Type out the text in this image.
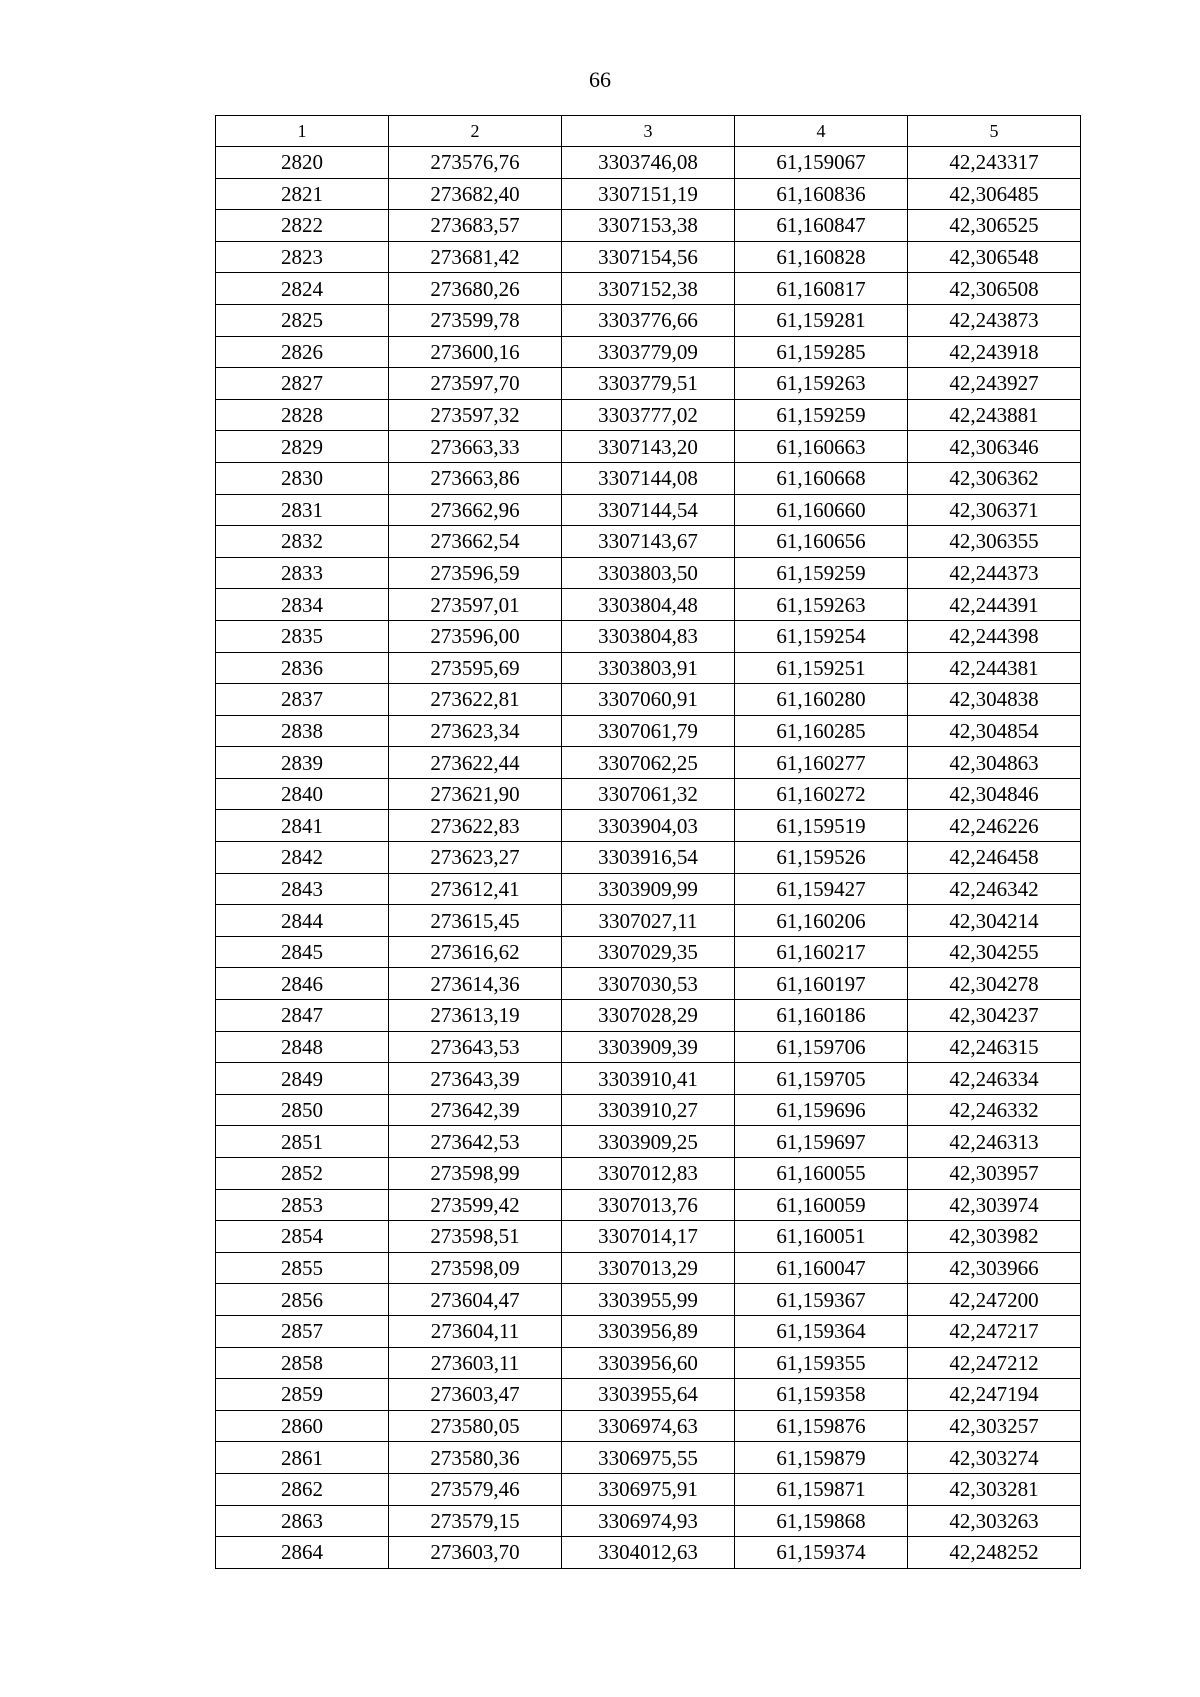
66
1	2	3	4	5
2820	273576,76	3303746,08	61,159067	42,243317
2821	273682,40	3307151,19	61,160836	42,306485
2822	273683,57	3307153,38	61,160847	42,306525
2823	273681,42	3307154,56	61,160828	42,306548
2824	273680,26	3307152,38	61,160817	42,306508
2825	273599,78	3303776,66	61,159281	42,243873
2826	273600,16	3303779,09	61,159285	42,243918
2827	273597,70	3303779,51	61,159263	42,243927
2828	273597,32	3303777,02	61,159259	42,243881
2829	273663,33	3307143,20	61,160663	42,306346
2830	273663,86	3307144,08	61,160668	42,306362
2831	273662,96	3307144,54	61,160660	42,306371
2832	273662,54	3307143,67	61,160656	42,306355
2833	273596,59	3303803,50	61,159259	42,244373
2834	273597,01	3303804,48	61,159263	42,244391
2835	273596,00	3303804,83	61,159254	42,244398
2836	273595,69	3303803,91	61,159251	42,244381
2837	273622,81	3307060,91	61,160280	42,304838
2838	273623,34	3307061,79	61,160285	42,304854
2839	273622,44	3307062,25	61,160277	42,304863
2840	273621,90	3307061,32	61,160272	42,304846
2841	273622,83	3303904,03	61,159519	42,246226
2842	273623,27	3303916,54	61,159526	42,246458
2843	273612,41	3303909,99	61,159427	42,246342
2844	273615,45	3307027,11	61,160206	42,304214
2845	273616,62	3307029,35	61,160217	42,304255
2846	273614,36	3307030,53	61,160197	42,304278
2847	273613,19	3307028,29	61,160186	42,304237
2848	273643,53	3303909,39	61,159706	42,246315
2849	273643,39	3303910,41	61,159705	42,246334
2850	273642,39	3303910,27	61,159696	42,246332
2851	273642,53	3303909,25	61,159697	42,246313
2852	273598,99	3307012,83	61,160055	42,303957
2853	273599,42	3307013,76	61,160059	42,303974
2854	273598,51	3307014,17	61,160051	42,303982
2855	273598,09	3307013,29	61,160047	42,303966
2856	273604,47	3303955,99	61,159367	42,247200
2857	273604,11	3303956,89	61,159364	42,247217
2858	273603,11	3303956,60	61,159355	42,247212
2859	273603,47	3303955,64	61,159358	42,247194
2860	273580,05	3306974,63	61,159876	42,303257
2861	273580,36	3306975,55	61,159879	42,303274
2862	273579,46	3306975,91	61,159871	42,303281
2863	273579,15	3306974,93	61,159868	42,303263
2864	273603,70	3304012,63	61,159374	42,248252
